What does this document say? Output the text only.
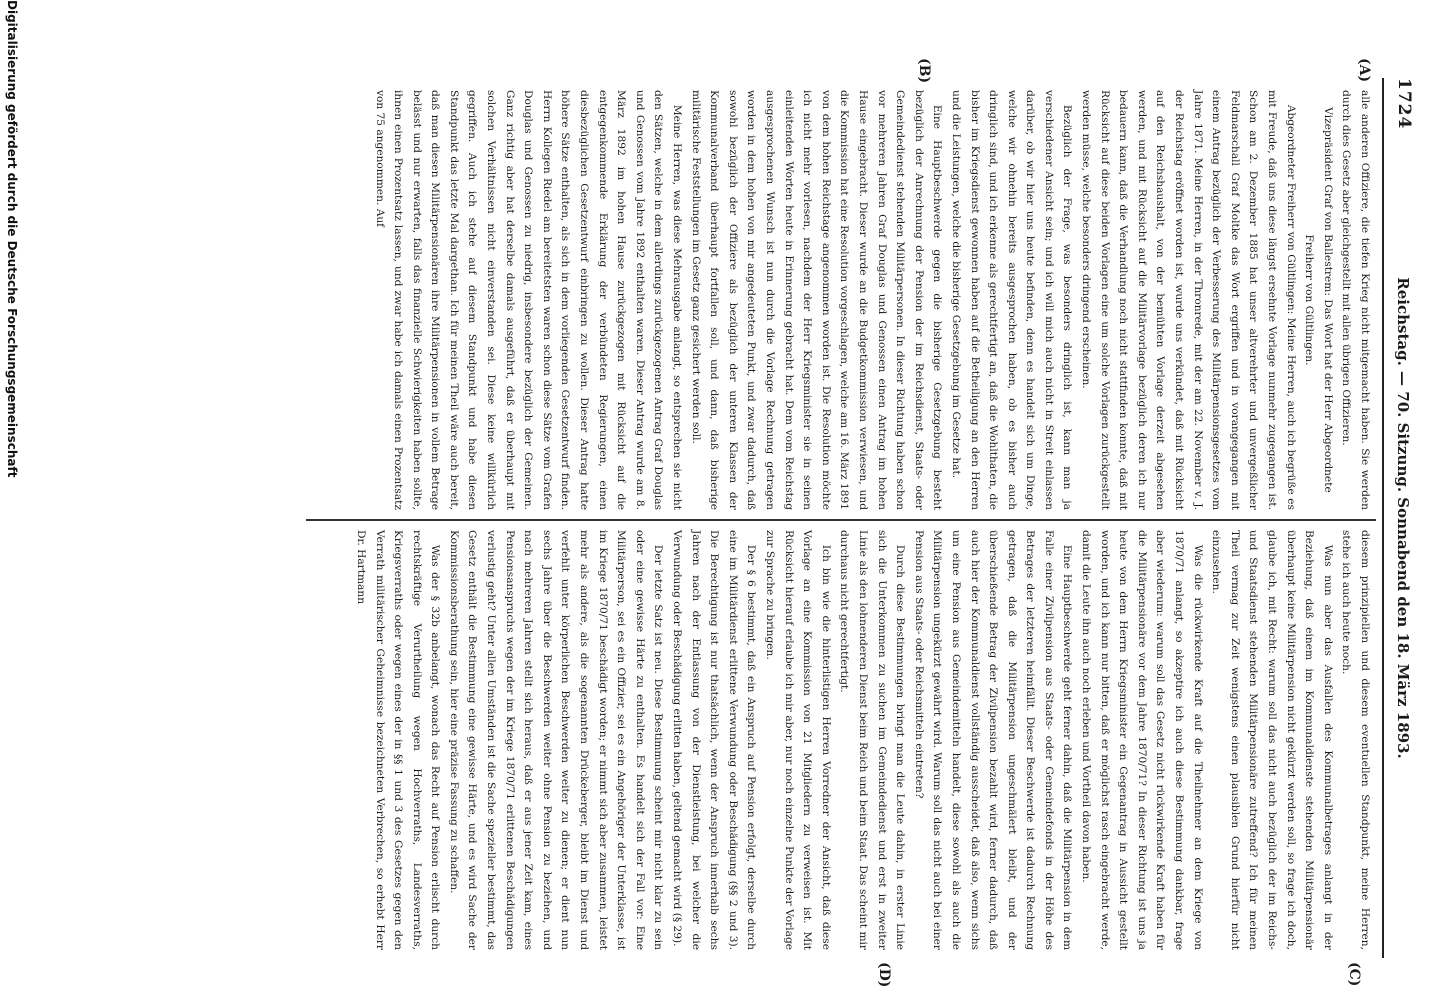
1724
Reichstag. — 70. Sitzung. Sonnabend den 18. März 1893.
(A)
(B)
(C)
(D)

alle anderen Offiziere, die tiefen Krieg nicht mitgemacht haben. Sie werden durch dies Gesetz aber gleichgestellt mit allen übrigen Offizieren.

Vizepräsident Graf von Ballestrem: Das Wort hat der Herr Abgeordnete Freiherr von Gültlingen.

Abgeordneter Freiherr von Gültlingen: Meine Herren, auch ich begrüße es mit Freude, daß uns diese längst ersehnte Vorlage nunmehr zugegangen ist. Schon am 2. Dezember 1885 hat unser altverehrter und unvergeßlicher Feldmarschall Graf Moltke das Wort ergriffen und in vorangegangen mit einem Antrag bezüglich der Verbesserung des Militärpensionsgesetzes vom Jahre 1871. Meine Herren, in der Thronrede, mit der am 22. November v. J. der Reichstag eröffnet worden ist, wurde uns verkündet, daß mit Rücksicht auf den Reichshaushalt, von der bemühten Vorlage derzeit abgesehen werden, und mit Rücksicht auf die Militärvorlage bezüglich deren ich nur bedauern kann, daß die Verhandlung noch nicht stattfinden konnte, daß mit Rücksicht auf diese beiden Vorlagen eine um solche Vorlagen zurückgestellt werden müsse, welche besonders dringend erscheinen.

Bezüglich der Frage, was besonders dringlich ist, kann man ja verschiedener Ansicht sein; und ich will mich auch nicht in Streit einlassen darüber, ob wir hier uns heute befinden, denn es handelt sich um Dinge, welche wir ohnehin bereits ausgesprochen haben, ob es bisher auch dringlich sind, und ich erkenne als gerechtfertigt an, daß die Wohlthaten, die bisher im Kriegsdienst gewonnen haben auf die Betheiligung an den Herren und die Leistungen, welche die bisherige Gesetzgebung im Gesetze hat.

Eine Hauptbeschwerde gegen die bisherige Gesetzgebung besteht bezüglich der Anrechnung der Pension der im Reichsdienst, Staats- oder Gemeindedienst stehenden Militärpersonen. In dieser Richtung haben schon vor mehreren Jahren Graf Douglas und Genossen einen Antrag im hohen Hause eingebracht. Dieser wurde an die Budgetkommission verwiesen, und die Kommission hat eine Resolution vorgeschlagen, welche am 16. März 1891 von dem hohen Reichstage angenommen worden ist. Die Resolution möchte ich nicht mehr vorlesen, nachdem der Herr Kriegsminister sie in seinen einleitenden Worten heute in Erinnerung gebracht hat. Dem vom Reichstag ausgesprochenen Wunsch ist nun durch die Vorlage Rechnung getragen worden in dem hohen von mir angedeuteten Punkt, und zwar dadurch, daß sowohl bezüglich der Offiziere als bezüglich der unteren Klassen der Kommunalverband überhaupt fortfallen soll, und dann, daß bisherige militärische Feststellungen im Gesetz ganz gesichert werden soll.

Meine Herren, was diese Mehrausgabe anlangt, so entsprechen sie nicht den Sätzen, welche in dem allerdings zurückgezogenen Antrag Graf Douglas und Genossen vom Jahre 1892 enthalten waren. Dieser Antrag wurde am 8. März 1892 im hohen Hause zurückgezogen mit Rücksicht auf die entgegenkommende Erklärung der verbündeten Regierungen, einen diesbezüglichen Gesetzentwurf einbringen zu wollen. Dieser Antrag hatte höhere Sätze enthalten, als sich in dem vorliegenden Gesetzentwurf finden. Herrn Kollegen Riedel am bereitetsten waren schon diese Sätze vom Grafen Douglas und Genossen zu niedrig, insbesondere bezüglich der Gemeinen. Ganz richtig aber hat derselbe damals ausgeführt, daß er überhaupt mit solchen Verhältnissen nicht einverstanden sei. Diese keine willkürlich gegriffen. Auch ich stehe auf diesem Standpunkt und habe diesen Standpunkt das letzte Mal dargethan. Ich für meinen Theil wäre auch bereit, daß man diesen Militärpensionären ihre Militärpensionen in vollem Betrage belässt und nur erwarten, falls das finanzielle Schwierigkeiten haben sollte, ihnen einen Prozentsatz lassen, und zwar habe ich damals einen Prozentsatz von 75 angenommen. Auf

diesem prinzipiellen und diesem eventuellen Standpunkt, meine Herren, stehe ich auch heute noch.

Was nun aber das Ausfallen des Kommunalbetrages anlangt in der Beziehung, daß einem im Kommunaldienste stehenden Militärpensionär überhaupt keine Militärpension nicht gekürzt werden soll, so frage ich doch, glaube ich, mit Recht: warum soll das nicht auch bezüglich der im Reichs- und Staatsdienst stehenden Militärpensionäre zutreffend? Ich für meinen Theil vermag zur Zeit wenigstens einen plausiblen Grund hierfür nicht einzusehen.

Was die rückwirkende Kraft auf die Theilnehmer an dem Kriege von 1870/71 anlangt, so akzeptire ich auch diese Bestimmung dankbar, frage aber wiederum: warum soll das Gesetz nicht rückwirkende Kraft haben für die Militärpensionäre vor dem Jahre 1870/71? In dieser Richtung ist uns ja heute von dem Herrn Kriegsminister ein Gegenantrag in Aussicht gestellt worden, und ich kann nur bitten, daß er möglichst rasch eingebracht werde, damit die Leute ihn auch noch erleben und Vortheil davon haben.

Eine Hauptbeschwerde geht ferner dahin, daß die Militärpension in dem Falle einer Zivilpension aus Staats- oder Gemeindefonds in der Höhe des Betrages der letzteren heimfällt. Dieser Beschwerde ist dadurch Rechnung getragen, daß die Militärpension ungeschmälert bleibt, und der überschießende Betrag der Zivilpension bezahlt wird, ferner dadurch, daß auch hier der Kommunaldienst vollständig ausscheidet, daß also, wenn sichs um eine Pension aus Gemeindemitteln handelt, diese sowohl als auch die Militärpension ungekürzt gewährt wird. Warum soll das nicht auch bei einer Pension aus Staats- oder Reichsmitteln eintreten?

Durch diese Bestimmungen bringt man die Leute dahin, in erster Linie sich die Unterkommen zu suchen im Gemeindedienst und erst in zweiter Linie als den lohnenderen Dienst beim Reich und beim Staat. Das scheint mir durchaus nicht gerechtfertigt.

Ich bin wie die hinterlistigen Herren Vorredner der Ansicht, daß diese Vorlage an eine Kommission von 21 Mitgliedern zu verweisen ist. Mit Rücksicht hierauf erlaube ich mir aber, nur noch einzelne Punkte der Vorlage zur Sprache zu bringen.

Der § 6 bestimmt, daß ein Anspruch auf Pension erfolgt, derselbe durch eine im Militärdienst erlittene Verwundung oder Beschädigung (§§ 2 und 3). Die Berechtigung ist nur thatsächlich, wenn der Anspruch innerhalb sechs Jahren nach der Entlassung von der Dienstleistung, bei welcher die Verwundung oder Beschädigung erlitten haben, geltend gemacht wird (§ 29).

Der letzte Satz ist neu. Diese Bestimmung scheint mir nicht klar zu sein oder eine gewisse Härte zu enthalten. Es handelt sich der Fall vor: Eine Militärperson, sei es ein Offizier, sei es ein Angehöriger der Unterklasse, ist im Kriege 1870/71 beschädigt worden; er nimmt sich aber zusammen, leistet mehr als andere, als die sogenannten Drückeberger, bleibt im Dienst und verfehlt unter körperlichen Beschwerden weiter zu dienen; er dient nun sechs Jahre über die Beschwerden weiter ohne Pension zu beziehen, und nach mehreren Jahren stellt sich heraus, daß er aus jener Zeit kam, eines Pensionsanspruchs wegen der im Kriege 1870/71 erlittenen Beschädigungen verlustig geht? Unter allen Umständen ist die Sache spezieller bestimmt, das Gesetz enthält die Bestimmung eine gewisse Härte, und es wird Sache der Kommissionsberathung sein, hier eine präzise Fassung zu schaffen.

Was der § 32b anbelangt, wonach das Recht auf Pension erlischt durch rechtskräftige Verurtheilung wegen Hochverraths, Landesverraths, Kriegsverraths oder wegen eines der in §§ 1 und 3 des Gesetzes gegen den Verrath militärischer Geheimnisse bezeichneten Verbrechen, so erhebt Herr Dr. Hartmann

Digitalisierung gefördert durch die Deutsche Forschungsgemeinschaft
